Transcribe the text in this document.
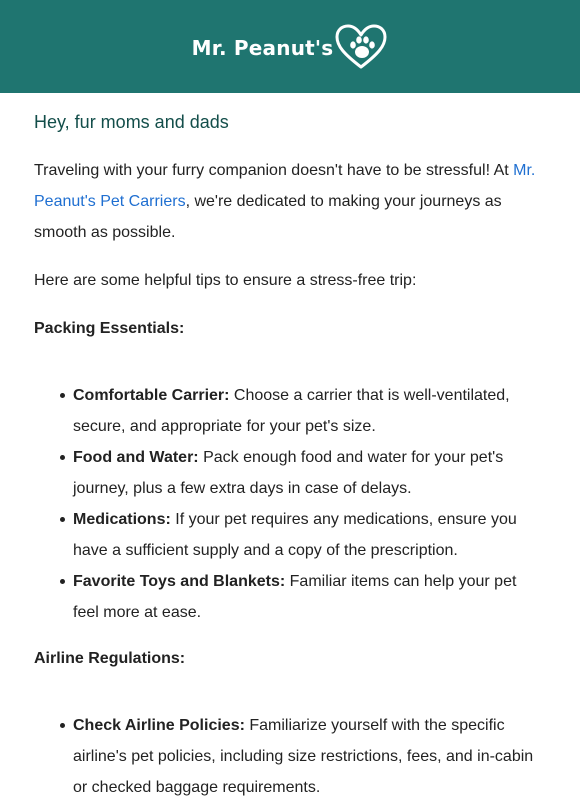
Mr. Peanut's
Hey, fur moms and dads

Traveling with your furry companion doesn't have to be stressful! At Mr. Peanut's Pet Carriers, we're dedicated to making your journeys as smooth as possible.

Here are some helpful tips to ensure a stress-free trip:

Packing Essentials:

Comfortable Carrier: Choose a carrier that is well-ventilated, secure, and appropriate for your pet's size.
Food and Water: Pack enough food and water for your pet's journey, plus a few extra days in case of delays.
Medications: If your pet requires any medications, ensure you have a sufficient supply and a copy of the prescription.
Favorite Toys and Blankets: Familiar items can help your pet feel more at ease.

Airline Regulations:

Check Airline Policies: Familiarize yourself with the specific airline's pet policies, including size restrictions, fees, and in-cabin or checked baggage requirements.
